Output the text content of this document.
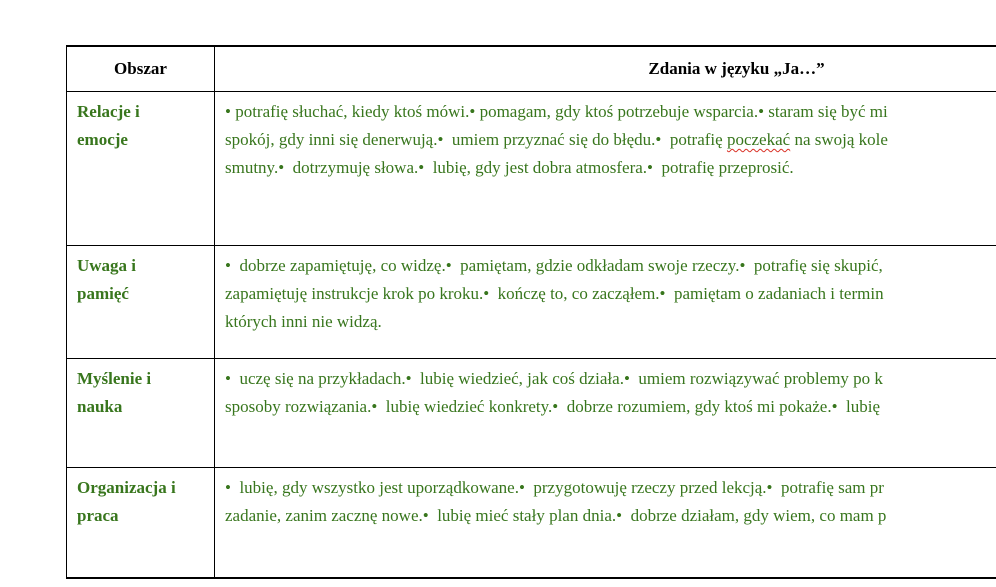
Obszar	Zdania w języku „Ja…”
Relacje i
emocje
• potrafię słuchać, kiedy ktoś mówi.• pomagam, gdy ktoś potrzebuje wsparcia.• staram się być mi
spokój, gdy inni się denerwują.•  umiem przyznać się do błędu.•  potrafię poczekać na swoją kole
smutny.•  dotrzymuję słowa.•  lubię, gdy jest dobra atmosfera.•  potrafię przeprosić.
Uwaga i
pamięć
•  dobrze zapamiętuję, co widzę.•  pamiętam, gdzie odkładam swoje rzeczy.•  potrafię się skupić,
zapamiętuję instrukcje krok po kroku.•  kończę to, co zacząłem.•  pamiętam o zadaniach i termin
których inni nie widzą.
Myślenie i
nauka
•  uczę się na przykładach.•  lubię wiedzieć, jak coś działa.•  umiem rozwiązywać problemy po k
sposoby rozwiązania.•  lubię wiedzieć konkrety.•  dobrze rozumiem, gdy ktoś mi pokaże.•  lubię
Organizacja i
praca
•  lubię, gdy wszystko jest uporządkowane.•  przygotowuję rzeczy przed lekcją.•  potrafię sam pr
zadanie, zanim zacznę nowe.•  lubię mieć stały plan dnia.•  dobrze działam, gdy wiem, co mam p
